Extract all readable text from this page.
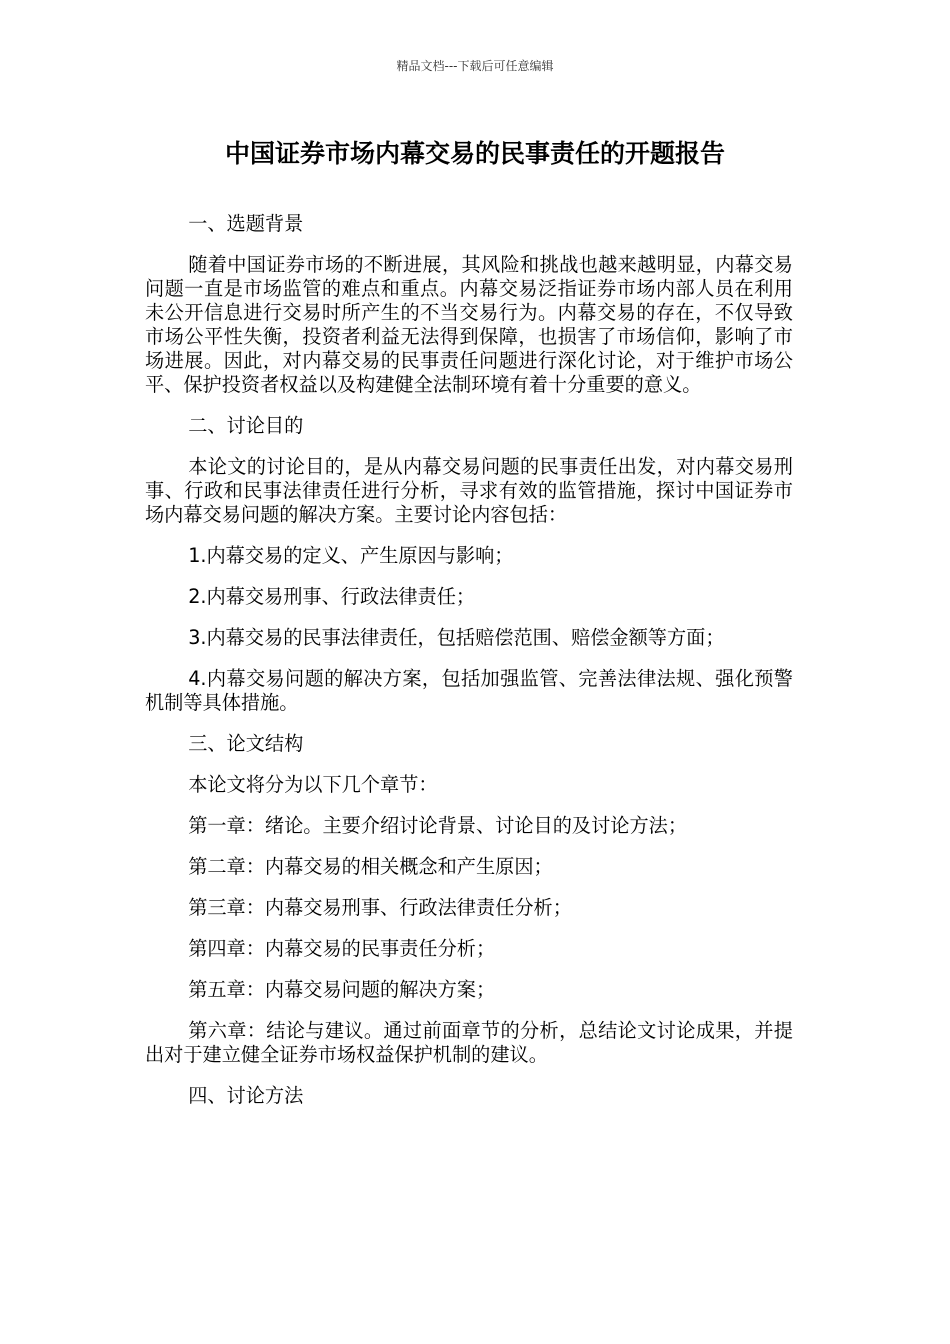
精品文档---下载后可任意编辑
中国证券市场内幕交易的民事责任的开题报告

一、选题背景

随着中国证券市场的不断进展，其风险和挑战也越来越明显，内幕交易问题一直是市场监管的难点和重点。内幕交易泛指证券市场内部人员在利用未公开信息进行交易时所产生的不当交易行为。内幕交易的存在，不仅导致市场公平性失衡，投资者利益无法得到保障，也损害了市场信仰，影响了市场进展。因此，对内幕交易的民事责任问题进行深化讨论，对于维护市场公平、保护投资者权益以及构建健全法制环境有着十分重要的意义。

二、讨论目的

本论文的讨论目的，是从内幕交易问题的民事责任出发，对内幕交易刑事、行政和民事法律责任进行分析，寻求有效的监管措施，探讨中国证券市场内幕交易问题的解决方案。主要讨论内容包括：

1.内幕交易的定义、产生原因与影响；

2.内幕交易刑事、行政法律责任；

3.内幕交易的民事法律责任，包括赔偿范围、赔偿金额等方面；

4.内幕交易问题的解决方案，包括加强监管、完善法律法规、强化预警机制等具体措施。

三、论文结构

本论文将分为以下几个章节：

第一章：绪论。主要介绍讨论背景、讨论目的及讨论方法；

第二章：内幕交易的相关概念和产生原因；

第三章：内幕交易刑事、行政法律责任分析；

第四章：内幕交易的民事责任分析；

第五章：内幕交易问题的解决方案；

第六章：结论与建议。通过前面章节的分析，总结论文讨论成果，并提出对于建立健全证券市场权益保护机制的建议。

四、讨论方法
